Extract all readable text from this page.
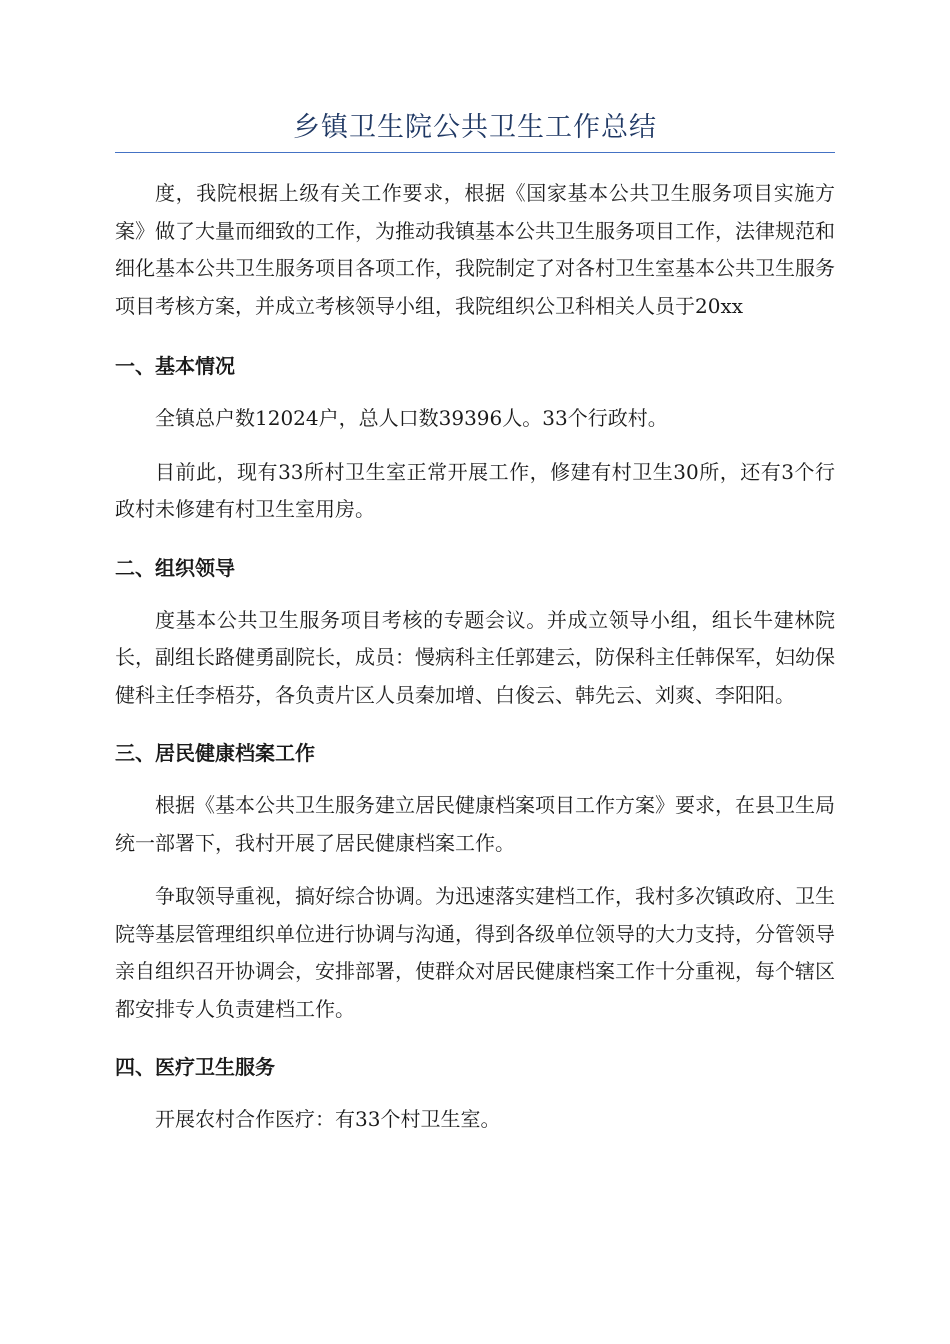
乡镇卫生院公共卫生工作总结

度，我院根据上级有关工作要求，根据《国家基本公共卫生服务项目实施方案》做了大量而细致的工作，为推动我镇基本公共卫生服务项目工作，法律规范和细化基本公共卫生服务项目各项工作，我院制定了对各村卫生室基本公共卫生服务项目考核方案，并成立考核领导小组，我院组织公卫科相关人员于20xx

一、基本情况

全镇总户数12024户，总人口数39396人。33个行政村。

目前此，现有33所村卫生室正常开展工作，修建有村卫生30所，还有3个行政村未修建有村卫生室用房。

二、组织领导

度基本公共卫生服务项目考核的专题会议。并成立领导小组，组长牛建林院长，副组长路健勇副院长，成员：慢病科主任郭建云，防保科主任韩保军，妇幼保健科主任李梧芬，各负责片区人员秦加增、白俊云、韩先云、刘爽、李阳阳。

三、居民健康档案工作

根据《基本公共卫生服务建立居民健康档案项目工作方案》要求，在县卫生局统一部署下，我村开展了居民健康档案工作。

争取领导重视，搞好综合协调。为迅速落实建档工作，我村多次镇政府、卫生院等基层管理组织单位进行协调与沟通，得到各级单位领导的大力支持，分管领导亲自组织召开协调会，安排部署，使群众对居民健康档案工作十分重视，每个辖区都安排专人负责建档工作。

四、医疗卫生服务

开展农村合作医疗：有33个村卫生室。
